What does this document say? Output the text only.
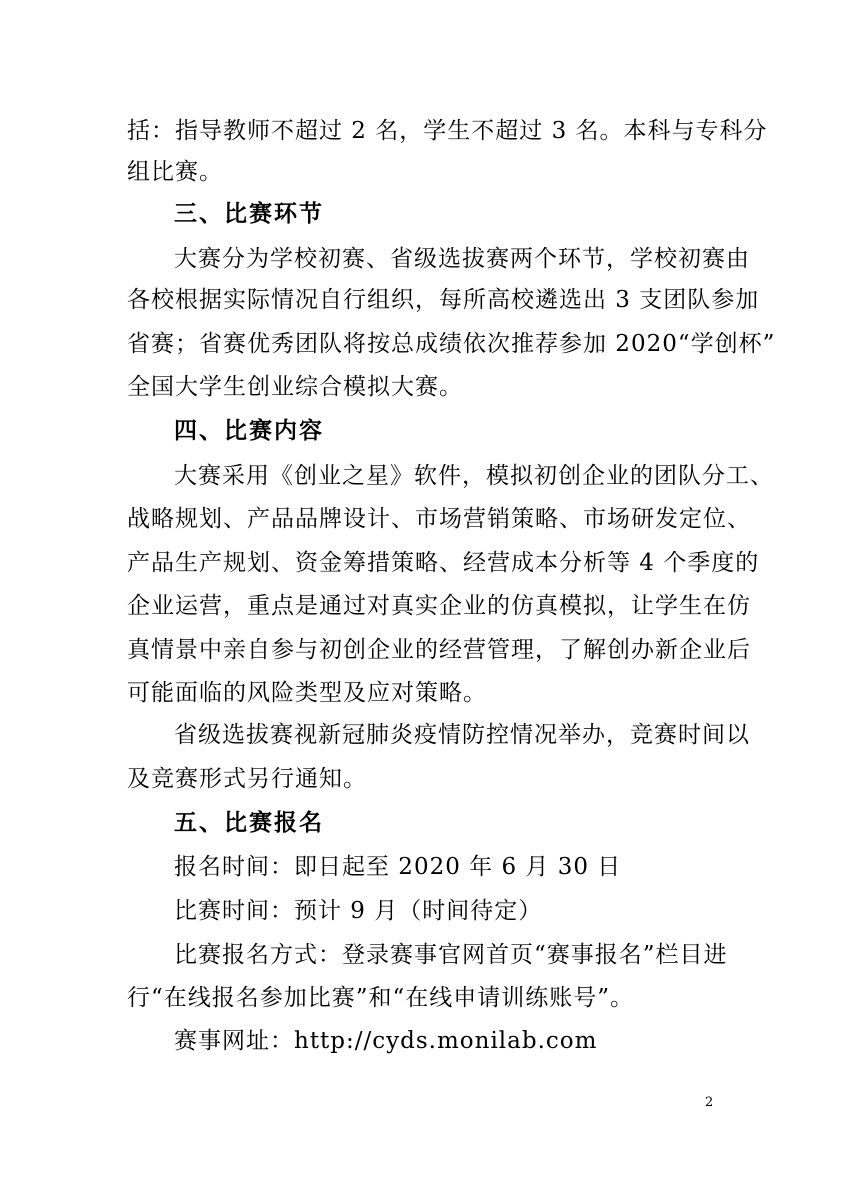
括：指导教师不超过 2 名，学生不超过 3 名。本科与专科分
组比赛。
三、比赛环节
大赛分为学校初赛、省级选拔赛两个环节，学校初赛由
各校根据实际情况自行组织，每所高校遴选出 3 支团队参加
省赛；省赛优秀团队将按总成绩依次推荐参加 2020“学创杯”
全国大学生创业综合模拟大赛。
四、比赛内容
大赛采用《创业之星》软件，模拟初创企业的团队分工、
战略规划、产品品牌设计、市场营销策略、市场研发定位、
产品生产规划、资金筹措策略、经营成本分析等 4 个季度的
企业运营，重点是通过对真实企业的仿真模拟，让学生在仿
真情景中亲自参与初创企业的经营管理，了解创办新企业后
可能面临的风险类型及应对策略。
省级选拔赛视新冠肺炎疫情防控情况举办，竞赛时间以
及竞赛形式另行通知。
五、比赛报名
报名时间：即日起至 2020 年 6 月 30 日
比赛时间：预计 9 月（时间待定）
比赛报名方式：登录赛事官网首页“赛事报名”栏目进
行“在线报名参加比赛”和“在线申请训练账号”。
赛事网址：http://cyds.monilab.com
2
